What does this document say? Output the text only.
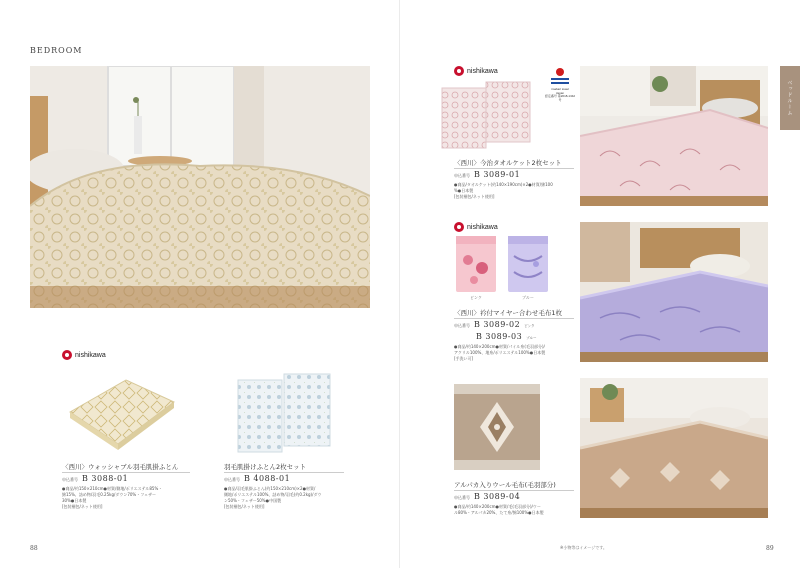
BEDROOM
nishikawa
〈西川〉ウォッシャブル羽毛肌掛ふとん
申込番号 B 3088-01
●商品/約150×210cm●材質/側地/ポリエステル85%・
綿15%、詰め物/羽毛0.25kg/ダウン70%・フェザー
30%●日本製
[包装梱包/ネット使用]
羽毛肌掛けふとん2枚セット
申込番号 B 4088-01
●商品/羽毛肌掛ふとん(約150×210cm)×2●材質/
側地/ポリエステル100%、詰め物/羽毛(約0.2kg)/ダウ
ン50%・フェザー50%●中国製
[包装梱包/ネット使用]
88
nishikawa
imabari towel
Japan
認定番号 第2018-1342号
〈西川〉今治タオルケット2枚セット
申込番号 B 3089-01
●商品/タオルケット(約140×190cm)×2●材質/綿100
%●日本製
[包装梱包/ネット使用]
ベッドルーム
nishikawa
ピンク	ブルー
〈西川〉衿付マイヤー合わせ毛布1枚
申込番号 B 3089-02 ピンク
B 3089-03 ブルー
●商品/約140×200cm●材質/パイル糸(毛羽部分)/
アクリル100%、地糸/ポリエステル100%●日本製
[手洗い可]
アルパカ入りウール毛布(毛羽部分)
申込番号 B 3089-04
●商品/約140×200cm●材質/毛(毛羽部分)/ウー
ル80%・アルパカ20%、たて糸/綿100%●日本製
89
※小物等はイメージです。
